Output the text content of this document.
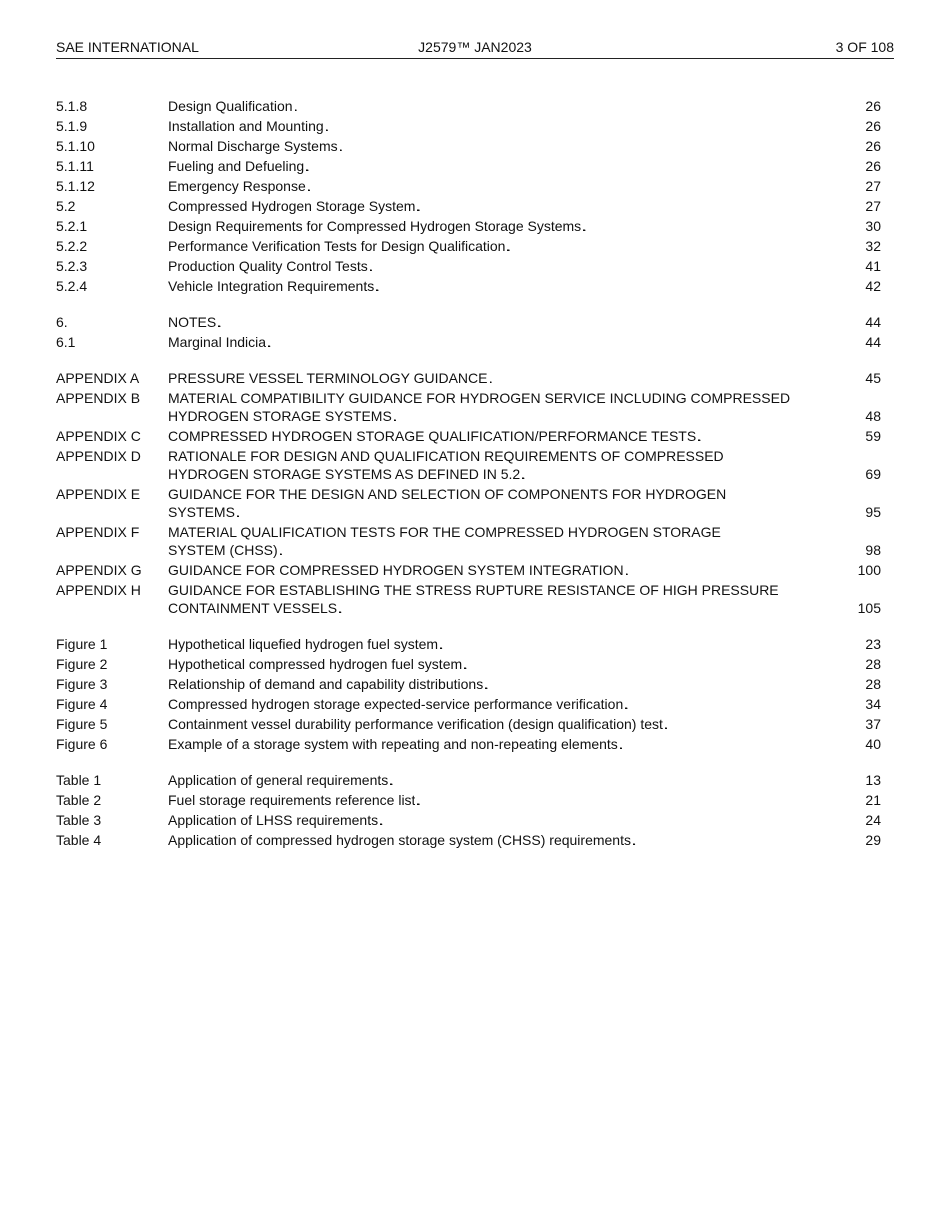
SAE INTERNATIONAL	J2579™ JAN2023	3 OF 108
5.1.8	Design Qualification . . .	26
5.1.9	Installation and Mounting . . .	26
5.1.10	Normal Discharge Systems . . .	26
5.1.11	Fueling and Defueling . . .	26
5.1.12	Emergency Response . . .	27
5.2	Compressed Hydrogen Storage System . . .	27
5.2.1	Design Requirements for Compressed Hydrogen Storage Systems . . .	30
5.2.2	Performance Verification Tests for Design Qualification . . .	32
5.2.3	Production Quality Control Tests . . .	41
5.2.4	Vehicle Integration Requirements . . .	42
6.	NOTES . . .	44
6.1	Marginal Indicia . . .	44
APPENDIX A	PRESSURE VESSEL TERMINOLOGY GUIDANCE . . .	45
APPENDIX B	MATERIAL COMPATIBILITY GUIDANCE FOR HYDROGEN SERVICE INCLUDING COMPRESSED
HYDROGEN STORAGE SYSTEMS . . .	48
APPENDIX C	COMPRESSED HYDROGEN STORAGE QUALIFICATION/PERFORMANCE TESTS . . .	59
APPENDIX D	RATIONALE FOR DESIGN AND QUALIFICATION REQUIREMENTS OF COMPRESSED
HYDROGEN STORAGE SYSTEMS AS DEFINED IN 5.2 . . .	69
APPENDIX E	GUIDANCE FOR THE DESIGN AND SELECTION OF COMPONENTS FOR HYDROGEN
SYSTEMS . . .	95
APPENDIX F	MATERIAL QUALIFICATION TESTS FOR THE COMPRESSED HYDROGEN STORAGE
SYSTEM (CHSS) . . .	98
APPENDIX G	GUIDANCE FOR COMPRESSED HYDROGEN SYSTEM INTEGRATION . . .	100
APPENDIX H	GUIDANCE FOR ESTABLISHING THE STRESS RUPTURE RESISTANCE OF HIGH PRESSURE
CONTAINMENT VESSELS . . .	105
Figure 1	Hypothetical liquefied hydrogen fuel system . . .	23
Figure 2	Hypothetical compressed hydrogen fuel system . . .	28
Figure 3	Relationship of demand and capability distributions . . .	28
Figure 4	Compressed hydrogen storage expected-service performance verification . . .	34
Figure 5	Containment vessel durability performance verification (design qualification) test . . .	37
Figure 6	Example of a storage system with repeating and non-repeating elements . . .	40
Table 1	Application of general requirements . . .	13
Table 2	Fuel storage requirements reference list . . .	21
Table 3	Application of LHSS requirements . . .	24
Table 4	Application of compressed hydrogen storage system (CHSS) requirements . . .	29
